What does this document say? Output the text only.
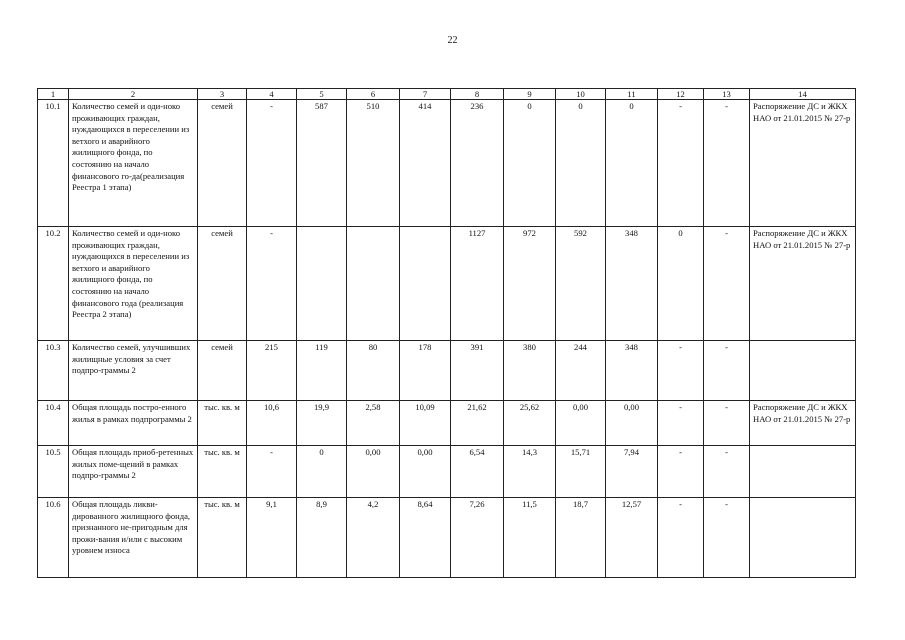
22
1	2	3	4	5	6	7	8	9	10	11	12	13	14
10.1	Количество семей и оди-ноко проживающих граждан, нуждающихся в переселении из ветхого и аварийного жилищного фонда, по состоянию на начало финансового го-да(реализация Реестра 1 этапа)	семей	-	587	510	414	236	0	0	0	-	-	Распоряжение ДС и ЖКХ НАО от 21.01.2015 № 27-р
10.2	Количество семей и оди-ноко проживающих граждан, нуждающихся в переселении из ветхого и аварийного жилищного фонда, по состоянию на начало финансового года (реализация Реестра 2 этапа)	семей	-				1127	972	592	348	0	-	Распоряжение ДС и ЖКХ НАО от 21.01.2015 № 27-р
10.3	Количество семей, улучшивших жилищные условия за счет подпро-граммы 2	семей	215	119	80	178	391	380	244	348	-	-	
10.4	Общая площадь постро-енного жилья в рамках подпрограммы 2	тыс. кв. м	10,6	19,9	2,58	10,09	21,62	25,62	0,00	0,00	-	-	Распоряжение ДС и ЖКХ НАО от 21.01.2015 № 27-р
10.5	Общая площадь приоб-ретенных жилых поме-щений в рамках подпро-граммы 2	тыс. кв. м	-	0	0,00	0,00	6,54	14,3	15,71	7,94	-	-	
10.6	Общая площадь ликви-дированного жилищного фонда, признанного не-пригодным для прожи-вания и/или с высоким уровнем износа	тыс. кв. м	9,1	8,9	4,2	8,64	7,26	11,5	18,7	12,57	-	-	
